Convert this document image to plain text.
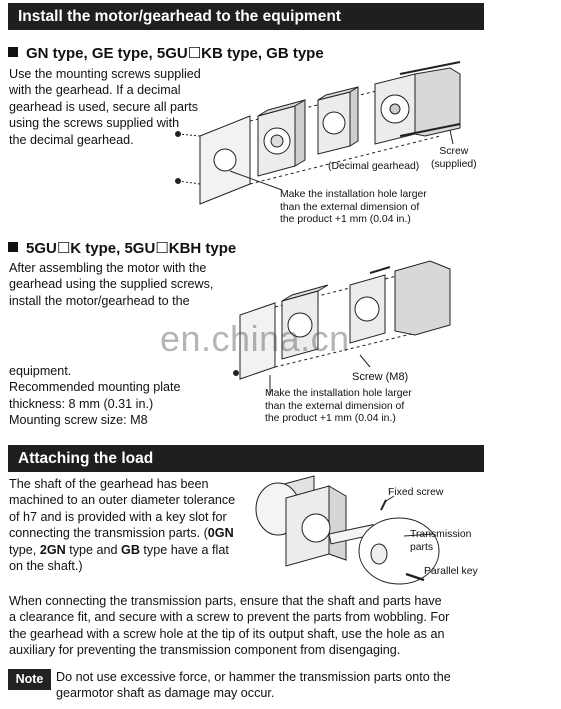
Install the motor/gearhead to the equipment
GN type, GE type, 5GU☐KB type, GB type

Use the mounting screws supplied
with the gearhead. If a decimal
gearhead is used, secure all parts
using the screws supplied with
the decimal gearhead.

(Decimal gearhead)
Screw
(supplied)
Make the installation hole larger
than the external dimension of
the product +1 mm (0.04 in.)
5GU☐K type, 5GU☐KBH type

After assembling the motor with the
gearhead using the supplied screws,
install the motor/gearhead to the

equipment.
Recommended mounting plate
thickness: 8 mm (0.31 in.)
Mounting screw size: M8

Screw (M8)
Make the installation hole larger
than the external dimension of
the product +1 mm (0.04 in.)
en.china.cn
Attaching the load

The shaft of the gearhead has been
machined to an outer diameter tolerance
of h7 and is provided with a key slot for
connecting the transmission parts. (0GN
type, 2GN type and GB type have a flat
on the shaft.)

Fixed screw
Transmission
parts
Parallel key

When connecting the transmission parts, ensure that the shaft and parts have
a clearance fit, and secure with a screw to prevent the parts from wobbling. For
the gearhead with a screw hole at the tip of its output shaft, use the hole as an
auxiliary for preventing the transmission component from disengaging.

Note	Do not use excessive force, or hammer the transmission parts onto the
gearmotor shaft as damage may occur.
